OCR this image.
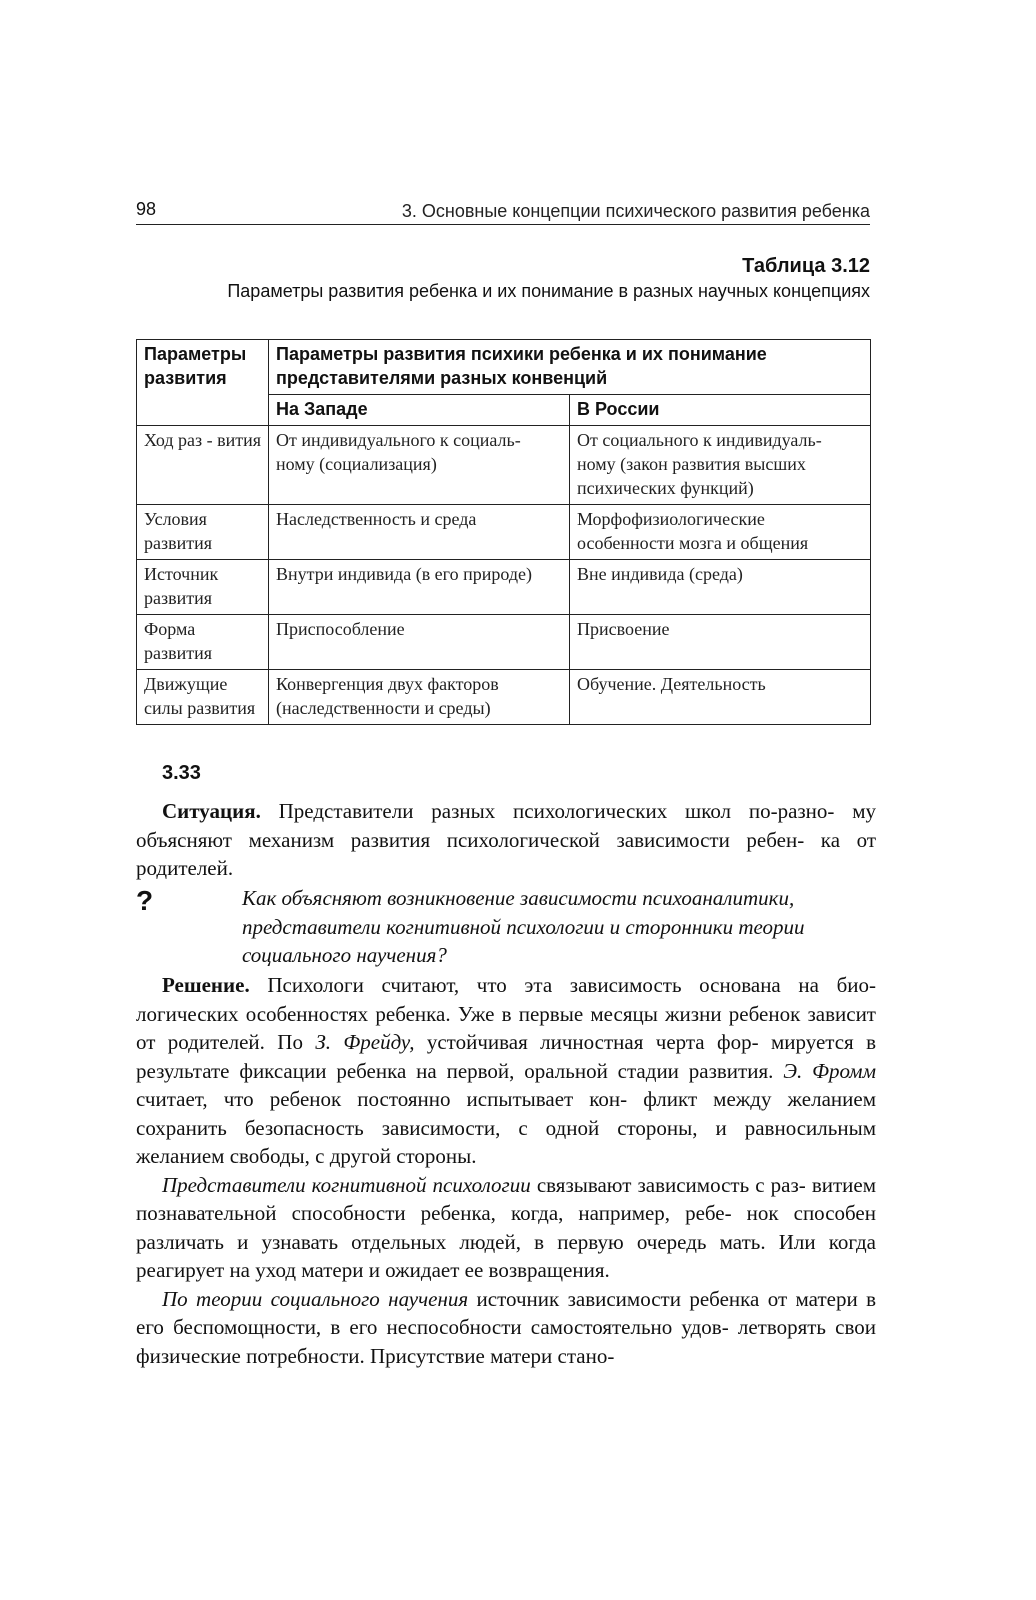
98	3. Основные концепции психического развития ребенка
Таблица 3.12
Параметры развития ребенка и их понимание в разных научных концепциях
Параметры развития	Параметры развития психики ребенка и их понимание представителями разных конвенций	
	На Западе	В России
Ход раз - вития	От индивидуального к социаль- ному (социализация)	От социального к индивидуаль- ному (закон развития высших психических функций)
Условия развития	Наследственность и среда	Морфофизиологические особенности мозга и общения
Источник развития	Внутри индивида (в его природе)	Вне индивида (среда)
Форма развития	Приспособление	Присвоение
Движущие силы развития	Конвергенция двух факторов (наследственности и среды)	Обучение. Деятельность
3.33

Ситуация. Представители разных психологических школ по-разно- му объясняют механизм развития психологической зависимости ребен- ка от родителей.

?	Как объясняют возникновение зависимости психоаналитики, представители когнитивной психологии и сторонники теории социального научения?

Решение. Психологи считают, что эта зависимость основана на био- логических особенностях ребенка. Уже в первые месяцы жизни ребенок зависит от родителей. По З. Фрейду, устойчивая личностная черта фор- мируется в результате фиксации ребенка на первой, оральной стадии развития. Э. Фромм считает, что ребенок постоянно испытывает кон- фликт между желанием сохранить безопасность зависимости, с одной стороны, и равносильным желанием свободы, с другой стороны.

Представители когнитивной психологии связывают зависимость с раз- витием познавательной способности ребенка, когда, например, ребе- нок способен различать и узнавать отдельных людей, в первую очередь мать. Или когда реагирует на уход матери и ожидает ее возвращения.

По теории социального научения источник зависимости ребенка от матери в его беспомощности, в его неспособности самостоятельно удов- летворять свои физические потребности. Присутствие матери стано-
